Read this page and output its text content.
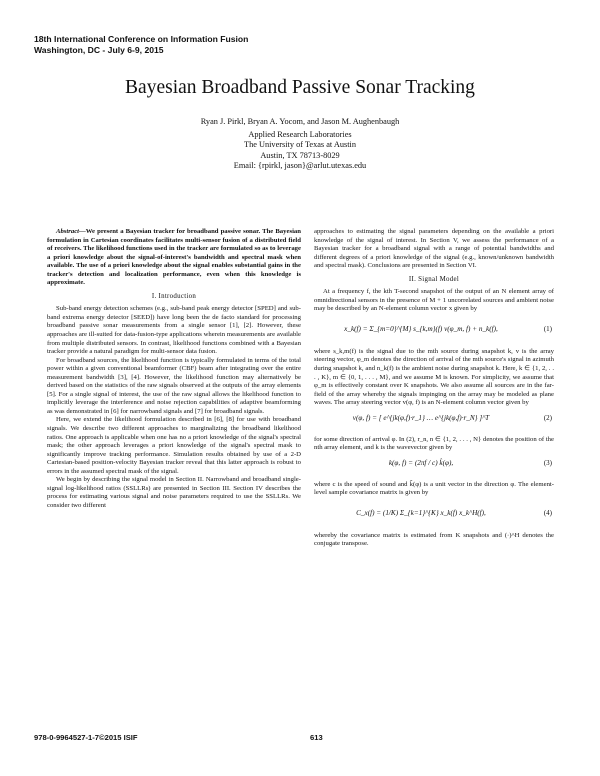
18th International Conference on Information Fusion
Washington, DC - July 6-9, 2015
Bayesian Broadband Passive Sonar Tracking
Ryan J. Pirkl, Bryan A. Yocom, and Jason M. Aughenbaugh
Applied Research Laboratories
The University of Texas at Austin
Austin, TX 78713-8029
Email: {rpirkl, jason}@arlut.utexas.edu

Abstract—We present a Bayesian tracker for broadband passive sonar. The Bayesian formulation in Cartesian coordinates facilitates multi-sensor fusion of a distributed field of receivers. The likelihood functions used in the tracker are formulated so as to leverage a priori knowledge about the signal-of-interest's bandwidth and spectral mask when available. The use of a priori knowledge about the signal enables substantial gains in the tracker's detection and localization performance, even when this knowledge is approximate.

I. Introduction

Sub-band energy detection schemes (e.g., sub-band peak energy detector [SPED] and sub-band extrema energy detector [SEED]) have long been the de facto standard for processing broadband passive sonar measurements from a single sensor [1], [2]. However, these approaches are ill-suited for data-fusion-type applications wherein measurements are available from multiple distributed sensors. In contrast, likelihood functions combined with a Bayesian tracker provide a natural paradigm for multi-sensor data fusion.

For broadband sources, the likelihood function is typically formulated in terms of the total power within a given conventional beamformer (CBF) beam after integrating over the entire measurement bandwidth [3], [4]. However, the likelihood function may alternatively be derived based on the statistics of the raw signals observed at the outputs of the array elements [5]. For a single signal of interest, the use of the raw signal allows the likelihood function to implicitly leverage the interference and noise rejection capabilities of adaptive beamforming as was demonstrated in [6] for narrowband signals and [7] for broadband signals.

Here, we extend the likelihood formulation described in [6], [8] for use with broadband signals. We describe two different approaches to marginalizing the broadband likelihood ratios. One approach is applicable when one has no a priori knowledge of the signal's spectral mask; the other approach leverages a priori knowledge of the signal's spectral mask to significantly improve tracking performance. Simulation results obtained by use of a 2-D Cartesian-based position-velocity Bayesian tracker reveal that this latter approach is robust to errors in the assumed spectral mask of the signal.

We begin by describing the signal model in Section II. Narrowband and broadband single-signal log-likelihood ratios (SSLLRs) are presented in Section III. Section IV describes the process for estimating various signal and noise parameters required to use the SSLLRs. We consider two different

approaches to estimating the signal parameters depending on the available a priori knowledge of the signal of interest. In Section V, we assess the performance of a Bayesian tracker for a broadband signal with a range of potential bandwidths and different degrees of a priori knowledge of the signal (e.g., known/unknown bandwidth and spectral mask). Conclusions are presented in Section VI.

II. Signal Model

At a frequency f, the kth T-second snapshot of the output of an N element array of omnidirectional sensors in the presence of M + 1 uncorrelated sources and ambient noise may be described by an N-element column vector x given by

x_k(f) = Σ_{m=0}^{M} s_{k,m}(f) v(φ_m, f) + n_k(f),	(1)

where s_k,m(f) is the signal due to the mth source during snapshot k, v is the array steering vector, φ_m denotes the direction of arrival of the mth source's signal in azimuth during snapshot k, and n_k(f) is the ambient noise during snapshot k. Here, k ∈ {1, 2, . . . , K}, m ∈ {0, 1, . . . , M}, and we assume M is known. For simplicity, we assume that φ_m is effectively constant over K snapshots. We also assume all sources are in the far-field of the array whereby the signals impinging on the array may be modeled as plane waves. The array steering vector v(φ, f) is an N-element column vector given by

v(φ, f) = [ e^{jk(φ,f)·r_1} … e^{jk(φ,f)·r_N} ]^T	(2)

for some direction of arrival φ. In (2), r_n, n ∈ {1, 2, . . . , N} denotes the position of the nth array element, and k is the wavevector given by

k(φ, f) = (2πf / c) k̂(φ),	(3)

where c is the speed of sound and k̂(φ) is a unit vector in the direction φ. The element-level sample covariance matrix is given by

C_x(f) = (1/K) Σ_{k=1}^{K} x_k(f) x_k^H(f),	(4)

whereby the covariance matrix is estimated from K snapshots and (·)^H denotes the conjugate transpose.

978-0-9964527-1-7©2015 ISIF	613
